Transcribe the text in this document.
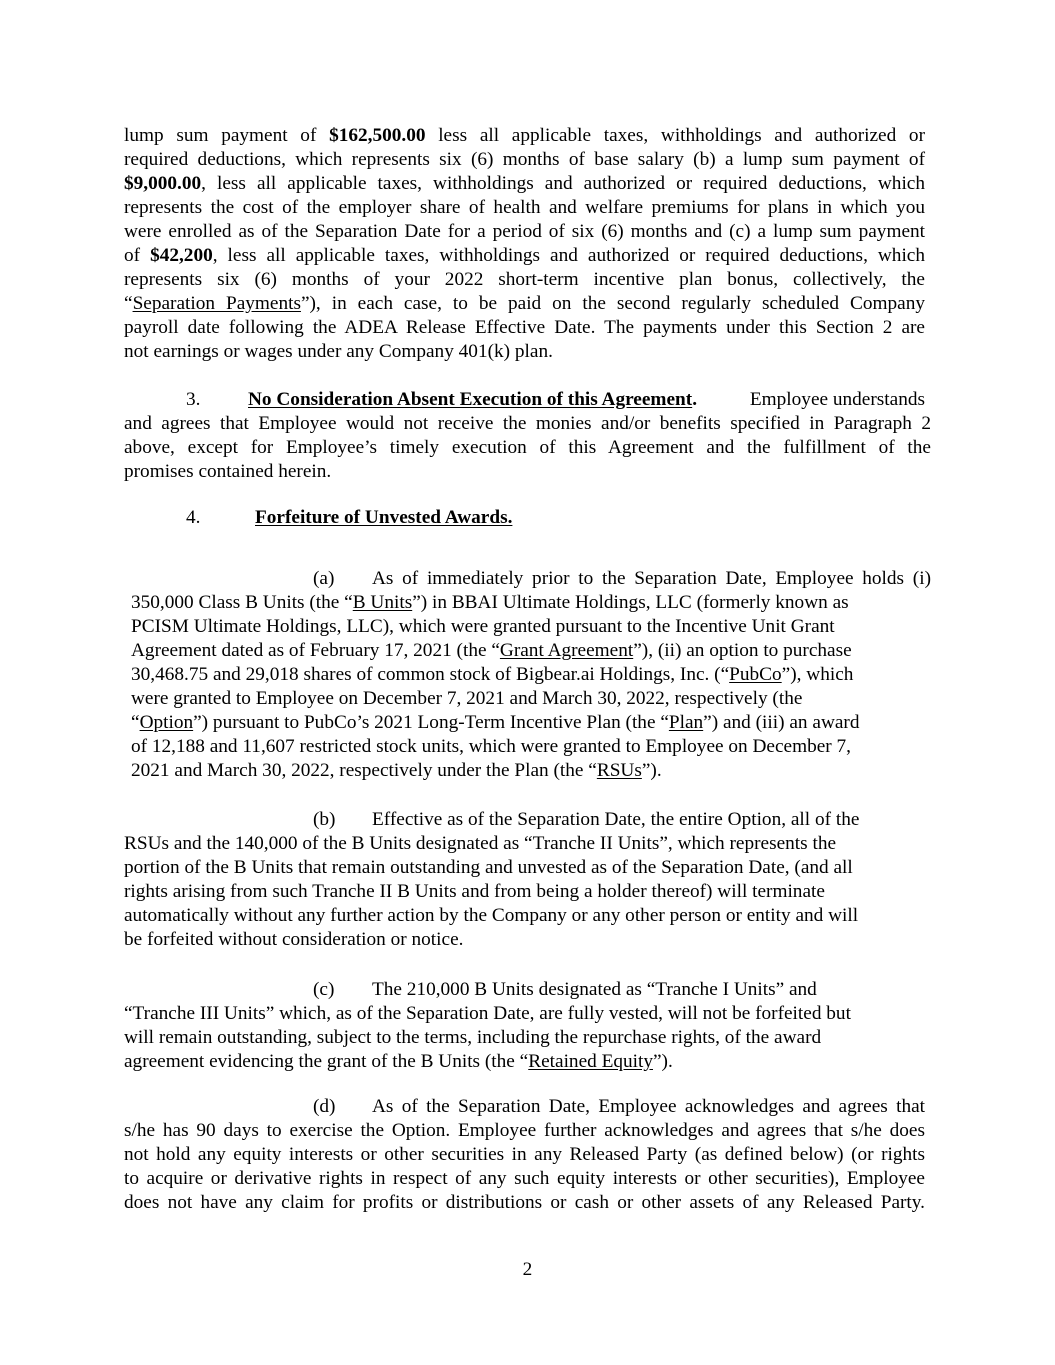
lump sum payment of $162,500.00 less all applicable taxes, withholdings and authorized or
required deductions, which represents six (6) months of base salary (b) a lump sum payment of
$9,000.00, less all applicable taxes, withholdings and authorized or required deductions, which
represents the cost of the employer share of health and welfare premiums for plans in which you
were enrolled as of the Separation Date for a period of six (6) months and (c) a lump sum payment
of $42,200, less all applicable taxes, withholdings and authorized or required deductions, which
represents six (6) months of your 2022 short-term incentive plan bonus, collectively, the
“Separation Payments”), in each case, to be paid on the second regularly scheduled Company
payroll date following the ADEA Release Effective Date. The payments under this Section 2 are
not earnings or wages under any Company 401(k) plan.
3. No Consideration Absent Execution of this Agreement.	Employee understands
and agrees that Employee would not receive the monies and/or benefits specified in Paragraph 2
above, except for Employee’s timely execution of this Agreement and the fulfillment of the
promises contained herein.
4.	Forfeiture of Unvested Awards.
(a) As of immediately prior to the Separation Date, Employee holds (i)
350,000 Class B Units (the “B Units”) in BBAI Ultimate Holdings, LLC (formerly known as
PCISM Ultimate Holdings, LLC), which were granted pursuant to the Incentive Unit Grant
Agreement dated as of February 17, 2021 (the “Grant Agreement”), (ii) an option to purchase
30,468.75 and 29,018 shares of common stock of Bigbear.ai Holdings, Inc. (“PubCo”), which
were granted to Employee on December 7, 2021 and March 30, 2022, respectively (the
“Option”) pursuant to PubCo’s 2021 Long-Term Incentive Plan (the “Plan”) and (iii) an award
of 12,188 and 11,607 restricted stock units, which were granted to Employee on December 7,
2021 and March 30, 2022, respectively under the Plan (the “RSUs”).
(b) Effective as of the Separation Date, the entire Option, all of the
RSUs and the 140,000 of the B Units designated as “Tranche II Units”, which represents the
portion of the B Units that remain outstanding and unvested as of the Separation Date, (and all
rights arising from such Tranche II B Units and from being a holder thereof) will terminate
automatically without any further action by the Company or any other person or entity and will
be forfeited without consideration or notice.
(c) The 210,000 B Units designated as “Tranche I Units” and
“Tranche III Units” which, as of the Separation Date, are fully vested, will not be forfeited but
will remain outstanding, subject to the terms, including the repurchase rights, of the award
agreement evidencing the grant of the B Units (the “Retained Equity”).
(d) As of the Separation Date, Employee acknowledges and agrees that
s/he has 90 days to exercise the Option. Employee further acknowledges and agrees that s/he does
not hold any equity interests or other securities in any Released Party (as defined below) (or rights
to acquire or derivative rights in respect of any such equity interests or other securities), Employee
does not have any claim for profits or distributions or cash or other assets of any Released Party.
2
